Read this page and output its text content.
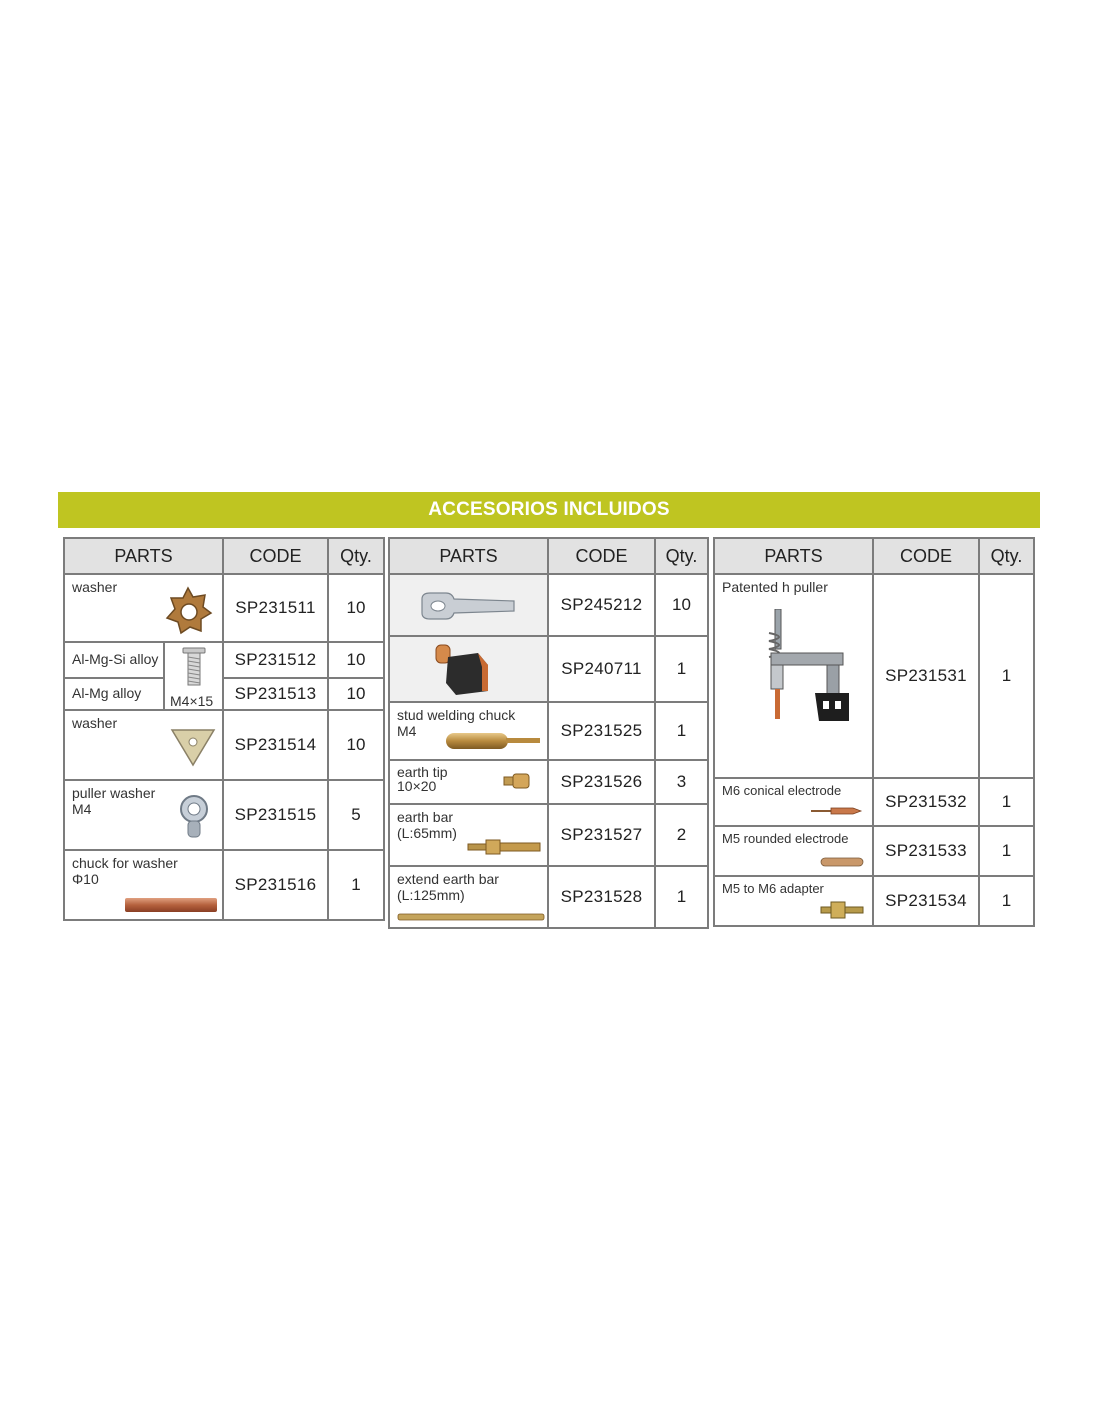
ACCESORIOS INCLUIDOS
PARTS		CODE	Qty.

washer		SP231511	10

Al-Mg-Si alloy	M4×15	SP231512	10

Al-Mg alloy		SP231513	10

washer		SP231514	10

puller washer
M4		SP231515	5

chuck for washer
Φ10		SP231516	1
PARTS	CODE	Qty.

	SP245212	10

	SP240711	1

stud welding chuck
M4	SP231525	1

earth tip
10×20	SP231526	3

earth bar
(L:65mm)	SP231527	2

extend earth bar
(L:125mm)	SP231528	1
PARTS	CODE	Qty.

Patented h puller	SP231531	1

M6 conical electrode	SP231532	1

M5 rounded electrode	SP231533	1

M5 to M6 adapter	SP231534	1
